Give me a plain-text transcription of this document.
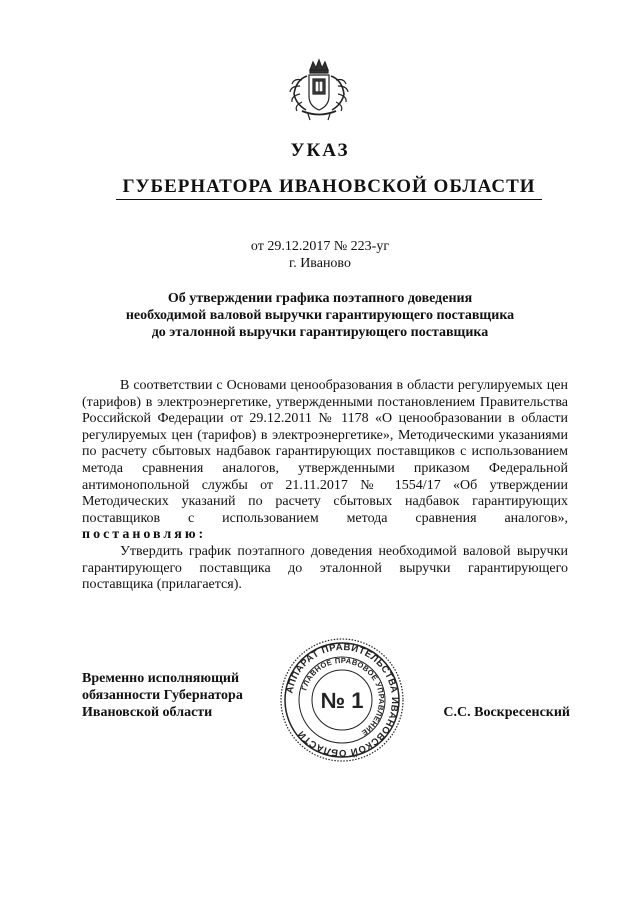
УКАЗ
ГУБЕРНАТОРА ИВАНОВСКОЙ ОБЛАСТИ
от 29.12.2017 № 223-уг
г. Иваново
Об утверждении графика поэтапного доведения
необходимой валовой выручки гарантирующего поставщика
до эталонной выручки гарантирующего поставщика

В соответствии с Основами ценообразования в области регулируемых цен (тарифов) в электроэнергетике, утвержденными постановлением Правительства Российской Федерации от 29.12.2011 № 1178 «О ценообразовании в области регулируемых цен (тарифов) в электроэнергетике», Методическими указаниями по расчету сбытовых надбавок гарантирующих поставщиков с использованием метода сравнения аналогов, утвержденными приказом Федеральной антимонопольной службы от 21.11.2017 № 1554/17 «Об утверждении Методических указаний по расчету сбытовых надбавок гарантирующих поставщиков с использованием метода сравнения аналогов», постановляю:

Утвердить график поэтапного доведения необходимой валовой выручки гарантирующего поставщика до эталонной выручки гарантирующего поставщика (прилагается).

Временно исполняющий
обязанности Губернатора
Ивановской области
АППАРАТ ПРАВИТЕЛЬСТВА ИВАНОВСКОЙ ОБЛАСТИ
ГЛАВНОЕ ПРАВОВОЕ УПРАВЛЕНИЕ
№ 1	С.С. Воскресенский
